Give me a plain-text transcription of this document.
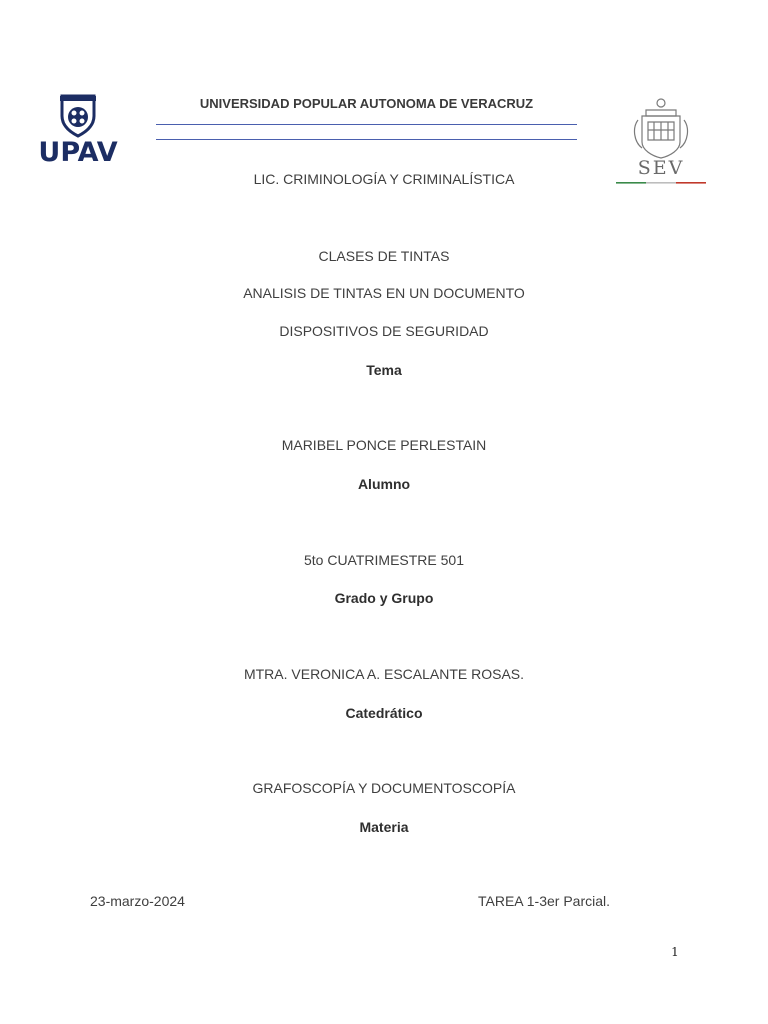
UPAV
UNIVERSIDAD POPULAR AUTONOMA DE VERACRUZ
SEV
LIC. CRIMINOLOGÍA Y CRIMINALÍSTICA
CLASES DE TINTAS
ANALISIS DE TINTAS EN UN DOCUMENTO
DISPOSITIVOS DE SEGURIDAD
Tema
MARIBEL PONCE PERLESTAIN
Alumno
5to CUATRIMESTRE 501
Grado y Grupo
MTRA. VERONICA A. ESCALANTE ROSAS.
Catedrático
GRAFOSCOPÍA Y DOCUMENTOSCOPÍA
Materia
23-marzo-2024	TAREA 1-3er Parcial.
1
